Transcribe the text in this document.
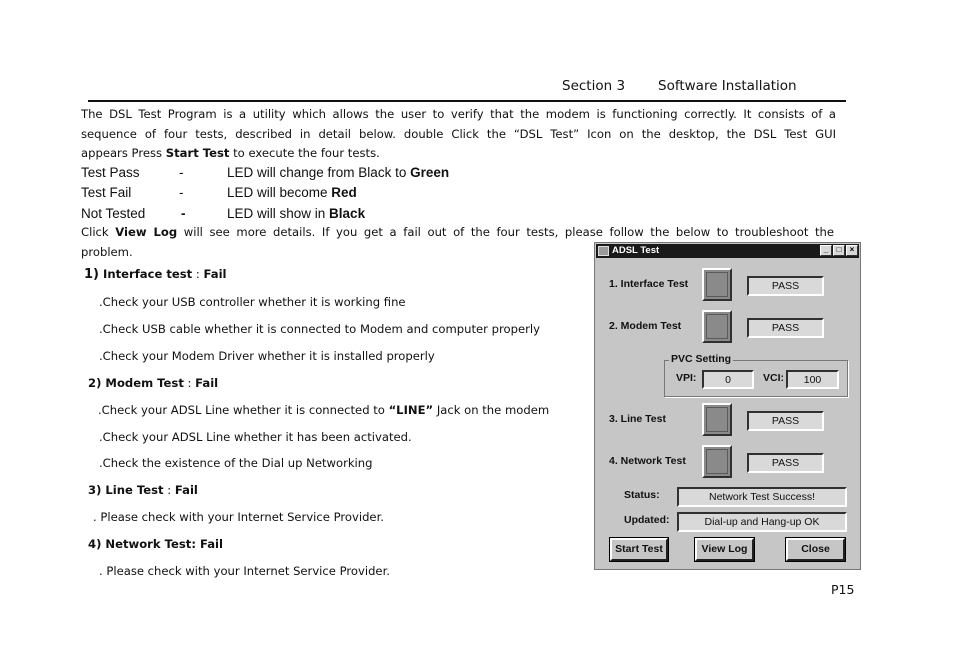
Section 3 Software Installation
The DSL Test Program is a utility which allows the user to verify that the modem is functioning correctly. It consists of a
sequence of four tests, described in detail below. double Click the “DSL Test” Icon on the desktop, the DSL Test GUI
appears Press Start Test to execute the four tests.
Test Pass	-	LED will change from Black to Green
Test Fail	-	LED will become Red
Not Tested	-	LED will show in Black
Click View Log will see more details. If you get a fail out of the four tests, please follow the below to troubleshoot the
problem.
1) Interface test : Fail
.Check your USB controller whether it is working fine
.Check USB cable whether it is connected to Modem and computer properly
.Check your Modem Driver whether it is installed properly
2) Modem Test : Fail
.Check your ADSL Line whether it is connected to “LINE” Jack on the modem
.Check your ADSL Line whether it has been activated.
.Check the existence of the Dial up Networking
3) Line Test : Fail
. Please check with your Internet Service Provider.
4) Network Test: Fail
. Please check with your Internet Service Provider.
P15
ADSL Test	_	□	×
1. Interface Test	PASS
2. Modem Test	PASS
PVC Setting
VPI:	0	VCI:	100
3. Line Test	PASS
4. Network Test	PASS
Status:	Network Test Success!
Updated:	Dial-up and Hang-up OK
Start Test	View Log	Close
